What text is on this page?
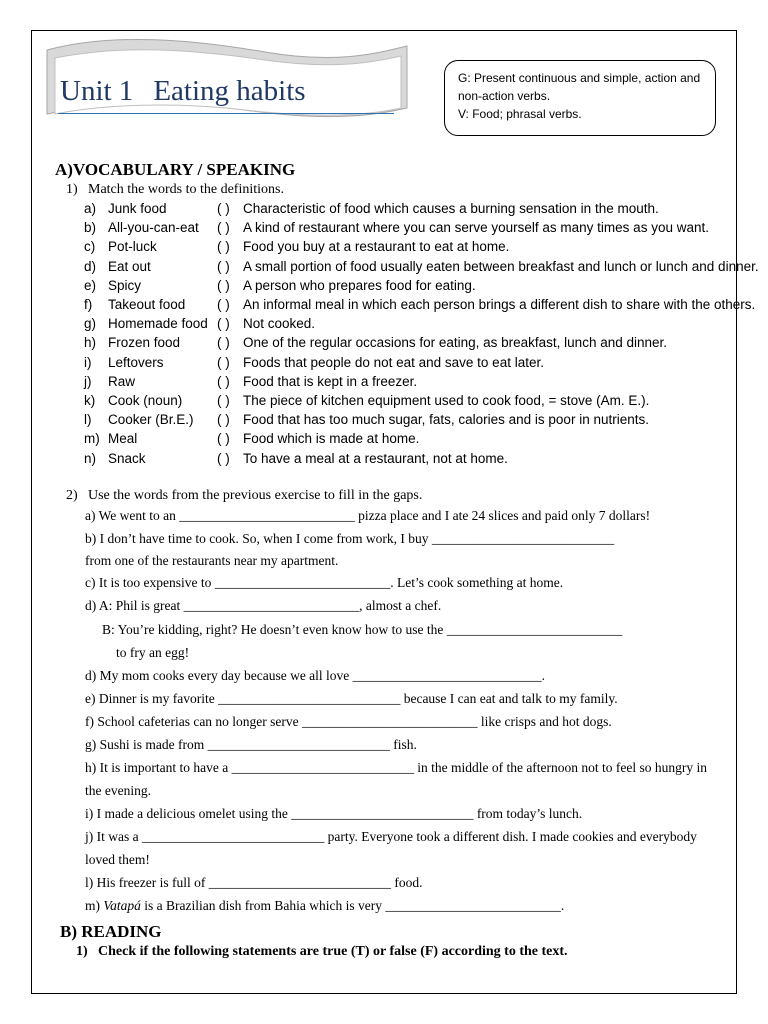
Unit 1 Eating habits	G: Present continuous and simple, action and
non-action verbs.
V: Food; phrasal verbs.
A)VOCABULARY / SPEAKING
1) Match the words to the definitions.
a) Junk food	( ) Characteristic of food which causes a burning sensation in the mouth.
b) All-you-can-eat ( ) A kind of restaurant where you can serve yourself as many times as you want.
c) Pot-luck	( ) Food you buy at a restaurant to eat at home.
d) Eat out	( ) A small portion of food usually eaten between breakfast and lunch or lunch and dinner.
e) Spicy	( ) A person who prepares food for eating.
f) Takeout food ( ) An informal meal in which each person brings a different dish to share with the others.
g) Homemade food ( ) Not cooked.
h) Frozen food	( ) One of the regular occasions for eating, as breakfast, lunch and dinner.
i) Leftovers	( ) Foods that people do not eat and save to eat later.
j) Raw	( ) Food that is kept in a freezer.
k) Cook (noun)	( ) The piece of kitchen equipment used to cook food, = stove (Am. E.).
l) Cooker (Br.E.) ( ) Food that has too much sugar, fats, calories and is poor in nutrients.
m) Meal	( ) Food which is made at home.
n) Snack	( ) To have a meal at a restaurant, not at home.
2) Use the words from the previous exercise to fill in the gaps.
a) We went to an __________________________ pizza place and I ate 24 slices and paid only 7 dollars!
b) I don’t have time to cook. So, when I come from work, I buy ___________________________
from one of the restaurants near my apartment.
c) It is too expensive to __________________________. Let’s cook something at home.
d) A: Phil is great __________________________, almost a chef.
B: You’re kidding, right? He doesn’t even know how to use the __________________________
to fry an egg!
d) My mom cooks every day because we all love ____________________________.
e) Dinner is my favorite ___________________________ because I can eat and talk to my family.
f) School cafeterias can no longer serve __________________________ like crisps and hot dogs.
g) Sushi is made from ___________________________ fish.
h) It is important to have a ___________________________ in the middle of the afternoon not to feel so hungry in
the evening.
i) I made a delicious omelet using the ___________________________ from today’s lunch.
j) It was a ___________________________ party. Everyone took a different dish. I made cookies and everybody
loved them!
l) His freezer is full of ___________________________ food.
m) Vatapá is a Brazilian dish from Bahia which is very __________________________.
B) READING
1) Check if the following statements are true (T) or false (F) according to the text.
